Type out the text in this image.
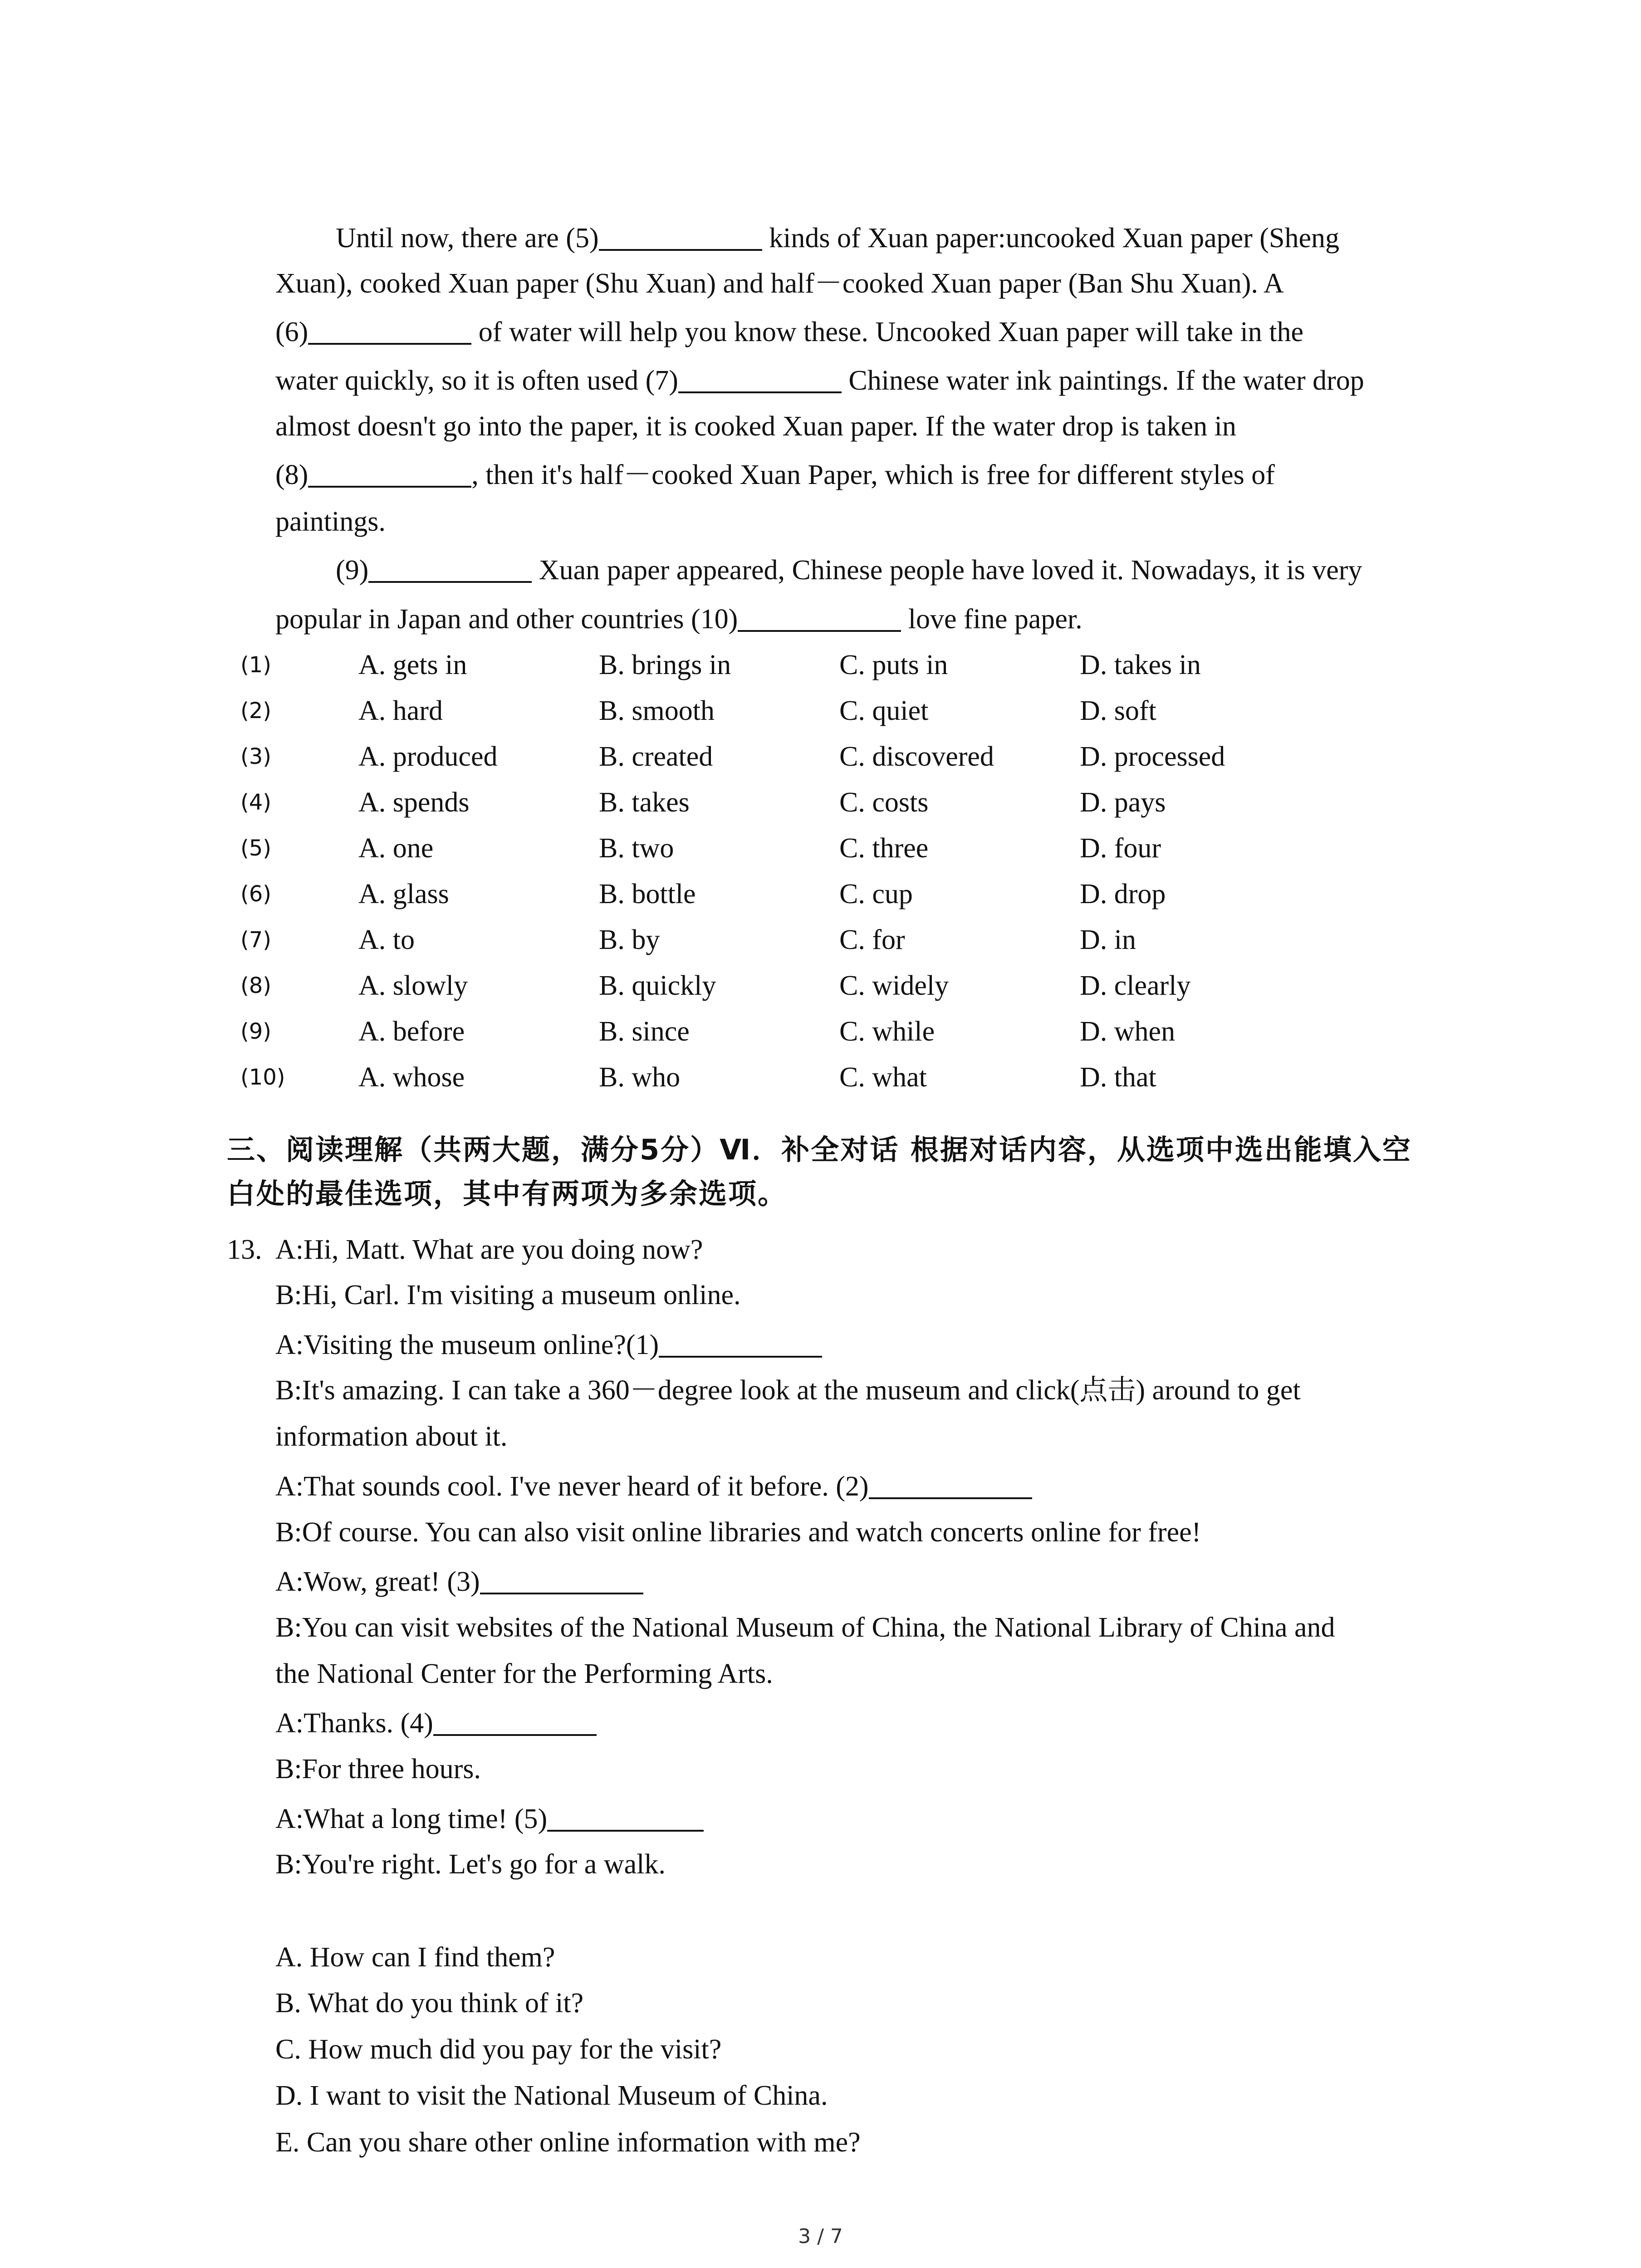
Until now, there are (5)	kinds of Xuan paper:uncooked Xuan paper (Sheng
Xuan), cooked Xuan paper (Shu Xuan) and half－cooked Xuan paper (Ban Shu Xuan). A
(6)	of water will help you know these. Uncooked Xuan paper will take in the
water quickly, so it is often used (7)	Chinese water ink paintings. If the water drop
almost doesn't go into the paper, it is cooked Xuan paper. If the water drop is taken in
(8)	, then it's half－cooked Xuan Paper, which is free for different styles of
paintings.
(9)	Xuan paper appeared, Chinese people have loved it. Nowadays, it is very
popular in Japan and other countries (10)	love fine paper.
(1)	A. gets in	B. brings in	C. puts in	D. takes in
(2)	A. hard	B. smooth	C. quiet	D. soft
(3)	A. produced	B. created	C. discovered	D. processed
(4)	A. spends	B. takes	C. costs	D. pays
(5)	A. one	B. two	C. three	D. four
(6)	A. glass	B. bottle	C. cup	D. drop
(7)	A. to	B. by	C. for	D. in
(8)	A. slowly	B. quickly	C. widely	D. clearly
(9)	A. before	B. since	C. while	D. when
(10)	A. whose	B. who	C. what	D. that
三、阅读理解（共两大题，满分5分）Ⅵ．补全对话 根据对话内容，从选项中选出能填入空
白处的最佳选项，其中有两项为多余选项。
13. A:Hi, Matt. What are you doing now?
B:Hi, Carl. I'm visiting a museum online.
A:Visiting the museum online?(1)
B:It's amazing. I can take a 360－degree look at the museum and click(点击) around to get
information about it.
A:That sounds cool. I've never heard of it before. (2)
B:Of course. You can also visit online libraries and watch concerts online for free!
A:Wow, great! (3)
B:You can visit websites of the National Museum of China, the National Library of China and
the National Center for the Performing Arts.
A:Thanks. (4)
B:For three hours.
A:What a long time! (5)
B:You're right. Let's go for a walk.
A. How can I find them?
B. What do you think of it?
C. How much did you pay for the visit?
D. I want to visit the National Museum of China.
E. Can you share other online information with me?
3 / 7
